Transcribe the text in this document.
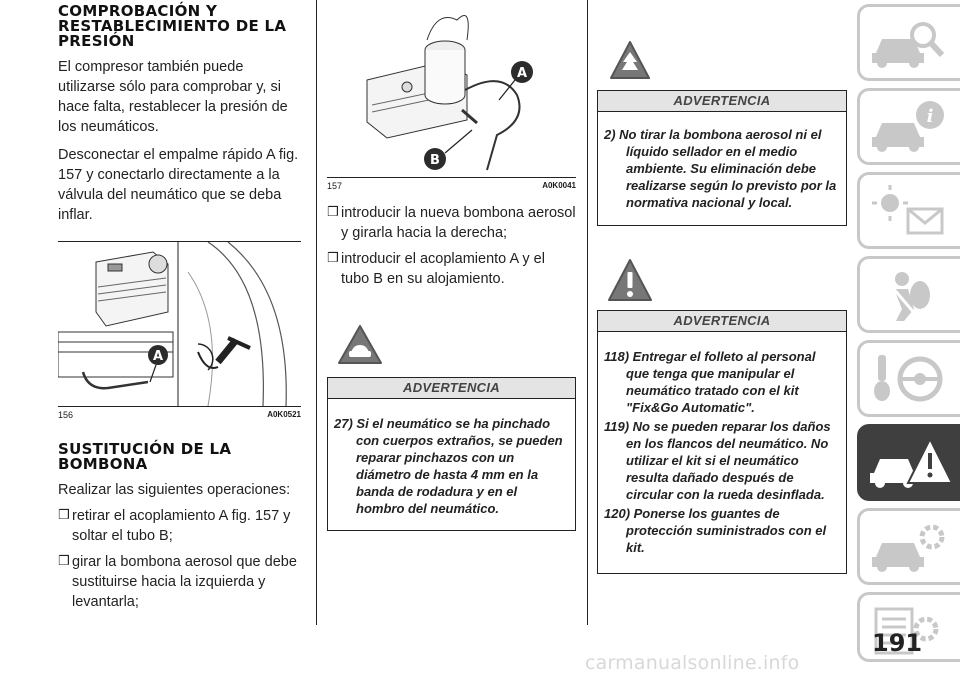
COMPROBACIÓN Y RESTABLECIMIENTO DE LA PRESIÓN

El compresor también puede utilizarse sólo para comprobar y, si hace falta, restablecer la presión de los neumáticos.

Desconectar el empalme rápido A fig. 157 y conectarlo directamente a la válvula del neumático que se deba inflar.

A
156	A0K0521
SUSTITUCIÓN DE LA BOMBONA

Realizar las siguientes operaciones:

❒ retirar el acoplamiento A fig. 157 y soltar el tubo B;
❒ girar la bombona aerosol que debe sustituirse hacia la izquierda y levantarla;
A
B
157	A0K0041
❒ introducir la nueva bombona aerosol y girarla hacia la derecha;
❒ introducir el acoplamiento A y el tubo B en su alojamiento.
ADVERTENCIA
27) Si el neumático se ha pinchado con cuerpos extraños, se pueden reparar pinchazos con un diámetro de hasta 4 mm en la banda de rodadura y en el hombro del neumático.
ADVERTENCIA
2) No tirar la bombona aerosol ni el líquido sellador en el medio ambiente. Su eliminación debe realizarse según lo previsto por la normativa nacional y local.
ADVERTENCIA
118) Entregar el folleto al personal que tenga que manipular el neumático tratado con el kit "Fix&Go Automatic".
119) No se pueden reparar los daños en los flancos del neumático. No utilizar el kit si el neumático resulta dañado después de circular con la rueda desinflada.
120) Ponerse los guantes de protección suministrados con el kit.
i
191
carmanualsonline.info
